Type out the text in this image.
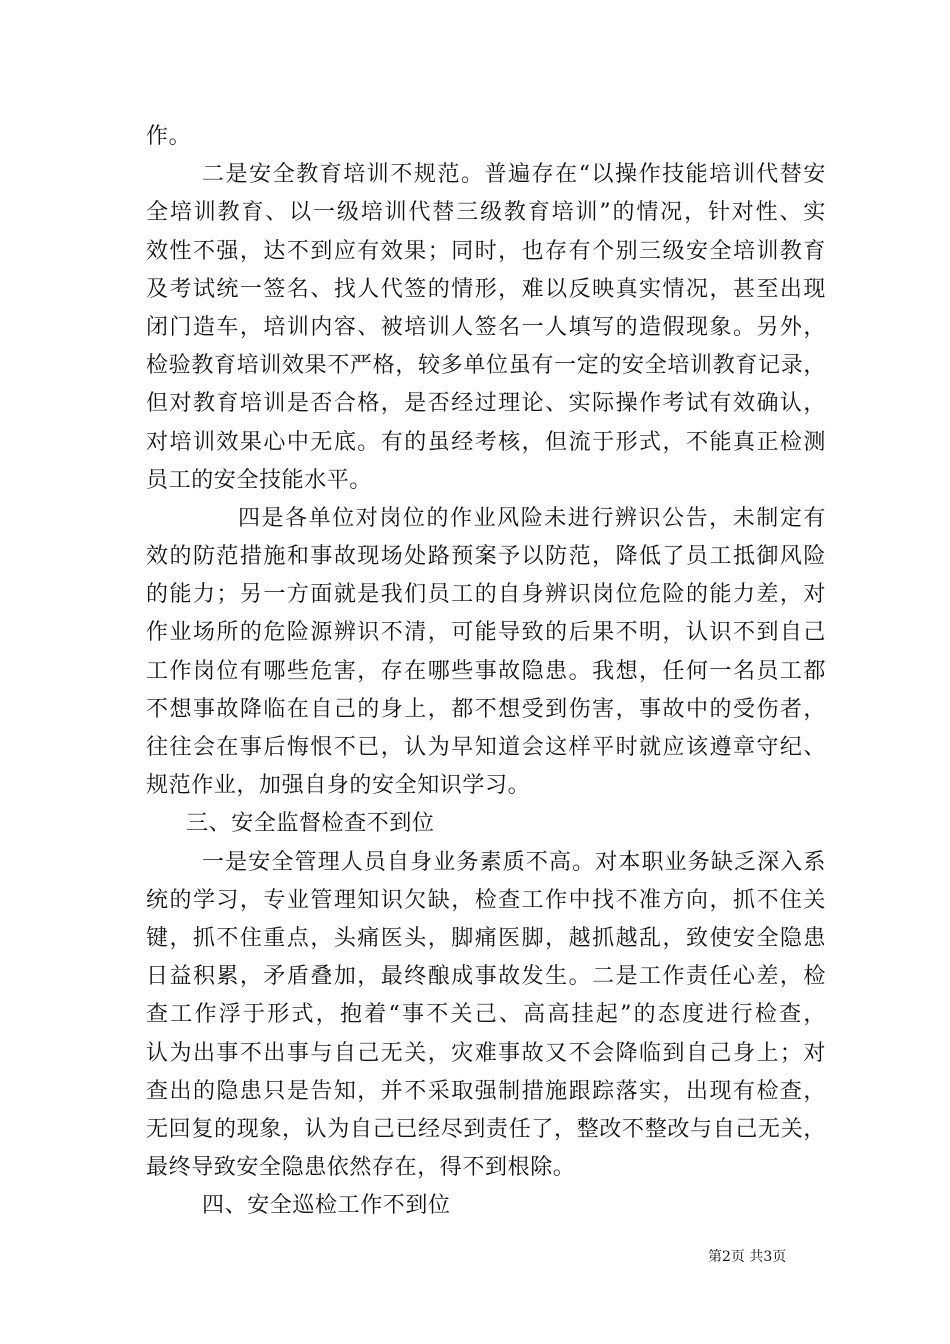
作。
二是安全教育培训不规范。普遍存在“以操作技能培训代替安
全培训教育、以一级培训代替三级教育培训”的情况，针对性、实
效性不强，达不到应有效果；同时，也存有个别三级安全培训教育
及考试统一签名、找人代签的情形，难以反映真实情况，甚至出现
闭门造车，培训内容、被培训人签名一人填写的造假现象。另外，
检验教育培训效果不严格，较多单位虽有一定的安全培训教育记录，
但对教育培训是否合格，是否经过理论、实际操作考试有效确认，
对培训效果心中无底。有的虽经考核，但流于形式，不能真正检测
员工的安全技能水平。
四是各单位对岗位的作业风险未进行辨识公告，未制定有
效的防范措施和事故现场处路预案予以防范，降低了员工抵御风险
的能力；另一方面就是我们员工的自身辨识岗位危险的能力差，对
作业场所的危险源辨识不清，可能导致的后果不明，认识不到自己
工作岗位有哪些危害，存在哪些事故隐患。我想，任何一名员工都
不想事故降临在自己的身上，都不想受到伤害，事故中的受伤者，
往往会在事后悔恨不已，认为早知道会这样平时就应该遵章守纪、
规范作业，加强自身的安全知识学习。
三、安全监督检查不到位
一是安全管理人员自身业务素质不高。对本职业务缺乏深入系
统的学习，专业管理知识欠缺，检查工作中找不准方向，抓不住关
键，抓不住重点，头痛医头，脚痛医脚，越抓越乱，致使安全隐患
日益积累，矛盾叠加，最终酿成事故发生。二是工作责任心差，检
查工作浮于形式，抱着“事不关己、高高挂起”的态度进行检查，
认为出事不出事与自己无关，灾难事故又不会降临到自己身上；对
查出的隐患只是告知，并不采取强制措施跟踪落实，出现有检查，
无回复的现象，认为自己已经尽到责任了，整改不整改与自己无关，
最终导致安全隐患依然存在，得不到根除。
四、安全巡检工作不到位
第2页 共3页
